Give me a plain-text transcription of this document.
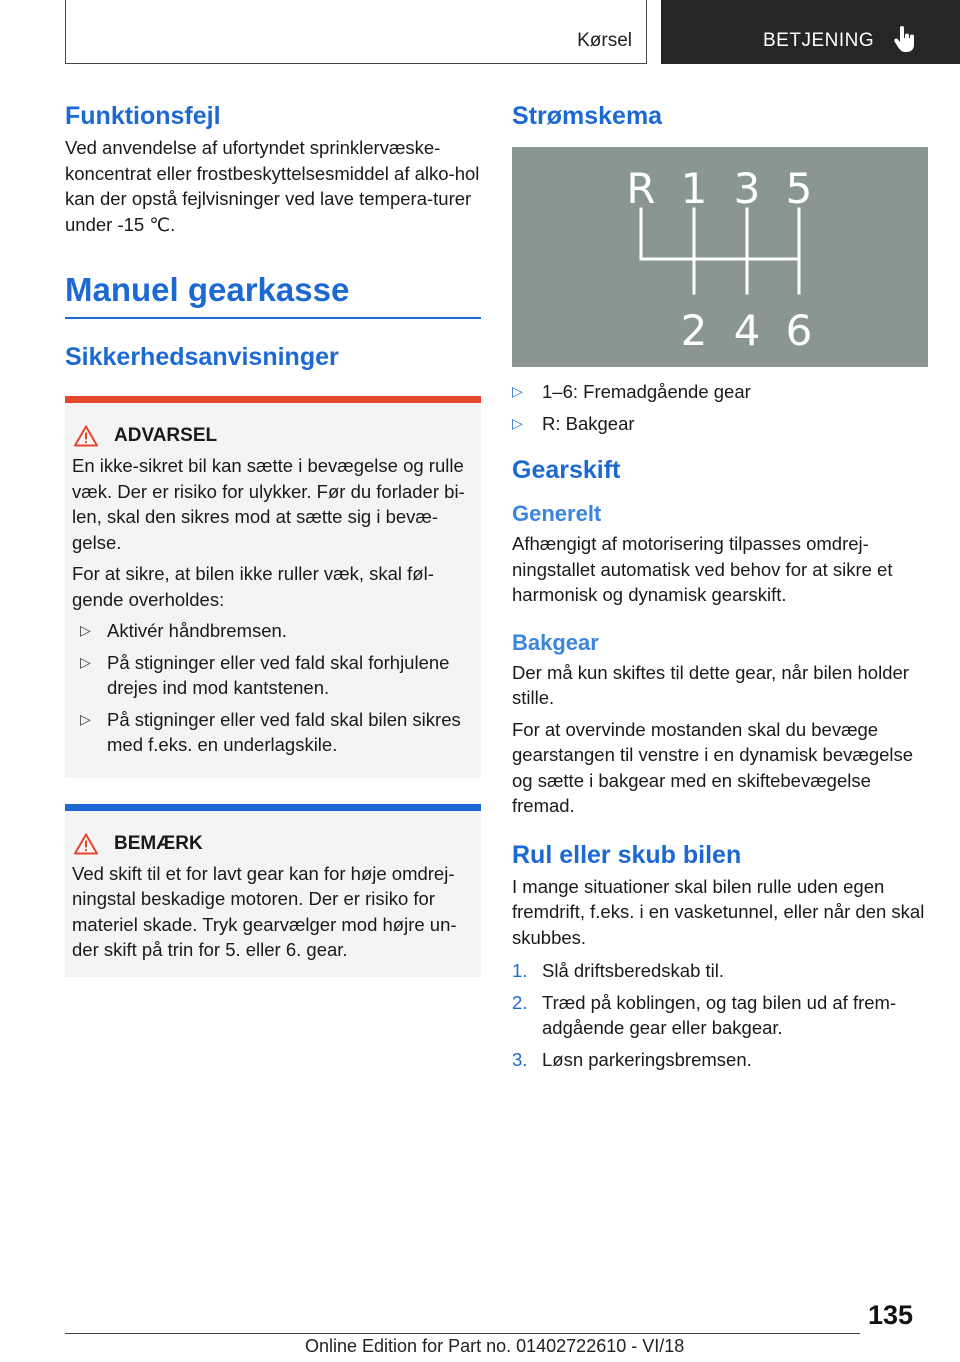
Kørsel	BETJENING
Funktionsfejl

Ved anvendelse af ufortyndet sprinklervæske-koncentrat eller frostbeskyttelsesmiddel af alko-hol kan der opstå fejlvisninger ved lave tempera-turer under -15 ℃.

Manuel gearkasse
Sikkerhedsanvisninger
ADVARSEL

En ikke-sikret bil kan sætte i bevægelse og rulle væk. Der er risiko for ulykker. Før du forlader bi-len, skal den sikres mod at sætte sig i bevæ-gelse.

For at sikre, at bilen ikke ruller væk, skal føl-gende overholdes:

▷ Aktivér håndbremsen.
▷ På stigninger eller ved fald skal forhjulene drejes ind mod kantstenen.
▷ På stigninger eller ved fald skal bilen sikres med f.eks. en underlagskile.
BEMÆRK

Ved skift til et for lavt gear kan for høje omdrej-ningstal beskadige motoren. Der er risiko for materiel skade. Tryk gearvælger mod højre un-der skift på trin for 5. eller 6. gear.

Strømskema
R 1 3 5
2 4 6
▷ 1–6: Fremadgående gear
▷ R: Bakgear
Gearskift
Generelt

Afhængigt af motorisering tilpasses omdrej-ningstallet automatisk ved behov for at sikre et harmonisk og dynamisk gearskift.

Bakgear

Der må kun skiftes til dette gear, når bilen holder stille.

For at overvinde mostanden skal du bevæge gearstangen til venstre i en dynamisk bevægelse og sætte i bakgear med en skiftebevægelse fremad.

Rul eller skub bilen

I mange situationer skal bilen rulle uden egen fremdrift, f.eks. i en vasketunnel, eller når den skal skubbes.

1. Slå driftsberedskab til.
2. Træd på koblingen, og tag bilen ud af frem-adgående gear eller bakgear.
3. Løsn parkeringsbremsen.
135
Online Edition for Part no. 01402722610 - VI/18
